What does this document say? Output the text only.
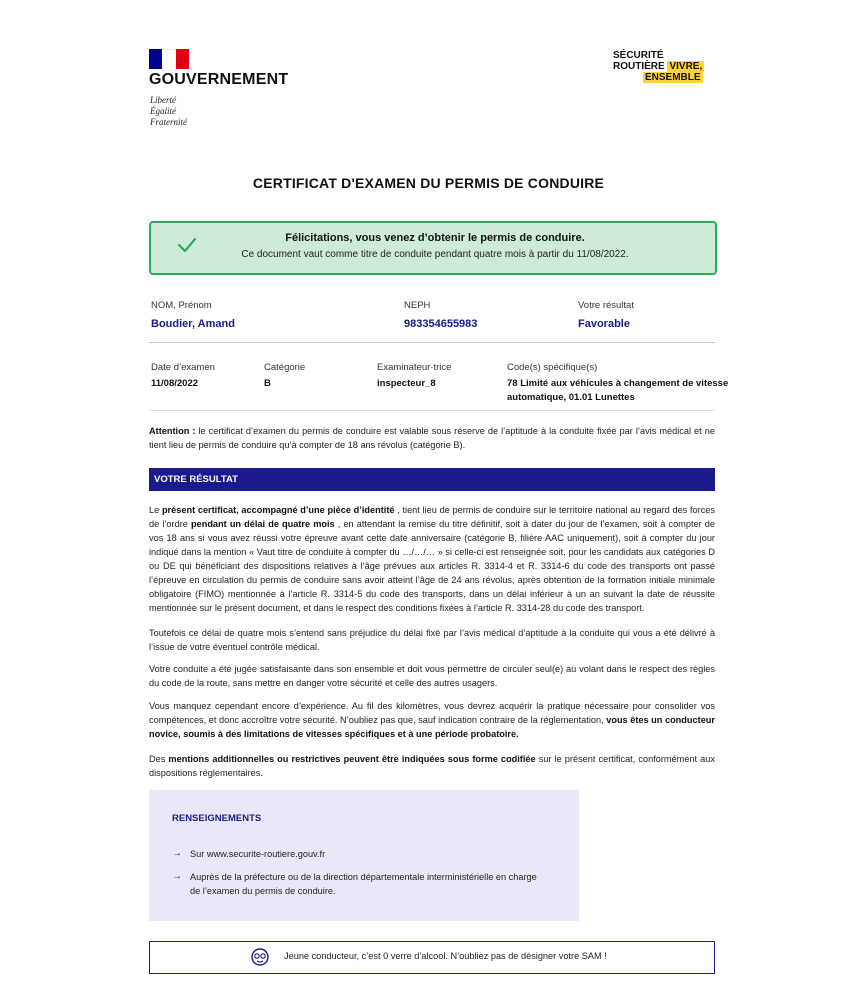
GOUVERNEMENT
Liberté
Égalité
Fraternité
SÉCURITÉ
ROUTIÈRE VIVRE,
ENSEMBLE
CERTIFICAT D'EXAMEN DU PERMIS DE CONDUIRE
Félicitations, vous venez d’obtenir le permis de conduire.
Ce document vaut comme titre de conduite pendant quatre mois à partir du 11/08/2022.
NOM, Prénom
Boudier, Amand
NEPH
983354655983
Votre résultat
Favorable
Date d’examen
11/08/2022
Catégorie
B
Examinateur·trice
inspecteur_8
Code(s) spécifique(s)
78 Limité aux véhicules à changement de vitesse
automatique, 01.01 Lunettes
Attention : le certificat d’examen du permis de conduire est valable sous réserve de l’aptitude à la conduite fixée par l’avis médical et ne tient lieu de permis de conduire qu’à compter de 18 ans révolus (catégorie B).
VOTRE RÉSULTAT
Le présent certificat, accompagné d’une pièce d’identité , tient lieu de permis de conduire sur le territoire national au regard des forces de l’ordre pendant un délai de quatre mois , en attendant la remise du titre définitif, soit à dater du jour de l’examen, soit à compter de vos 18 ans si vous avez réussi votre épreuve avant cette date anniversaire (catégorie B, filière AAC uniquement), soit à compter du jour indiqué dans la mention « Vaut titre de conduite à compter du …/…/… » si celle-ci est renseignée soit, pour les candidats aux catégories D ou DE qui bénéficiant des dispositions relatives à l’âge prévues aux articles R. 3314-4 et R. 3314-6 du code des transports ont passé l’épreuve en circulation du permis de conduire sans avoir atteint l’âge de 24 ans révolus, après obtention de la formation initiale minimale obligatoire (FIMO) mentionnée à l’article R. 3314-5 du code des transports, dans un délai inférieur à un an suivant la date de réussite mentionnée sur le présent document, et dans le respect des conditions fixées à l’article R. 3314-28 du code des transport.
Toutefois ce délai de quatre mois s’entend sans préjudice du délai fixé par l’avis médical d’aptitude à la conduite qui vous a été délivré à l’issue de votre éventuel contrôle médical.
Votre conduite a été jugée satisfaisante dans son ensemble et doit vous permettre de circuler seul(e) au volant dans le respect des règles du code de la route, sans mettre en danger votre sécurité et celle des autres usagers.
Vous manquez cependant encore d’expérience. Au fil des kilomètres, vous devrez acquérir la pratique nécessaire pour consolider vos compétences, et donc accroître votre sécurité. N’oubliez pas que, sauf indication contraire de la réglementation, vous êtes un conducteur novice, soumis à des limitations de vitesses spécifiques et à une période probatoire.
Des mentions additionnelles ou restrictives peuvent être indiquées sous forme codifiée sur le présent certificat, conformément aux dispositions réglementaires.
RENSEIGNEMENTS
→ Sur www.securite-routiere.gouv.fr
→ Auprès de la préfecture ou de la direction départementale interministérielle en charge
de l’examen du permis de conduire.
Jeune conducteur, c’est 0 verre d’alcool. N’oubliez pas de désigner votre SAM !
